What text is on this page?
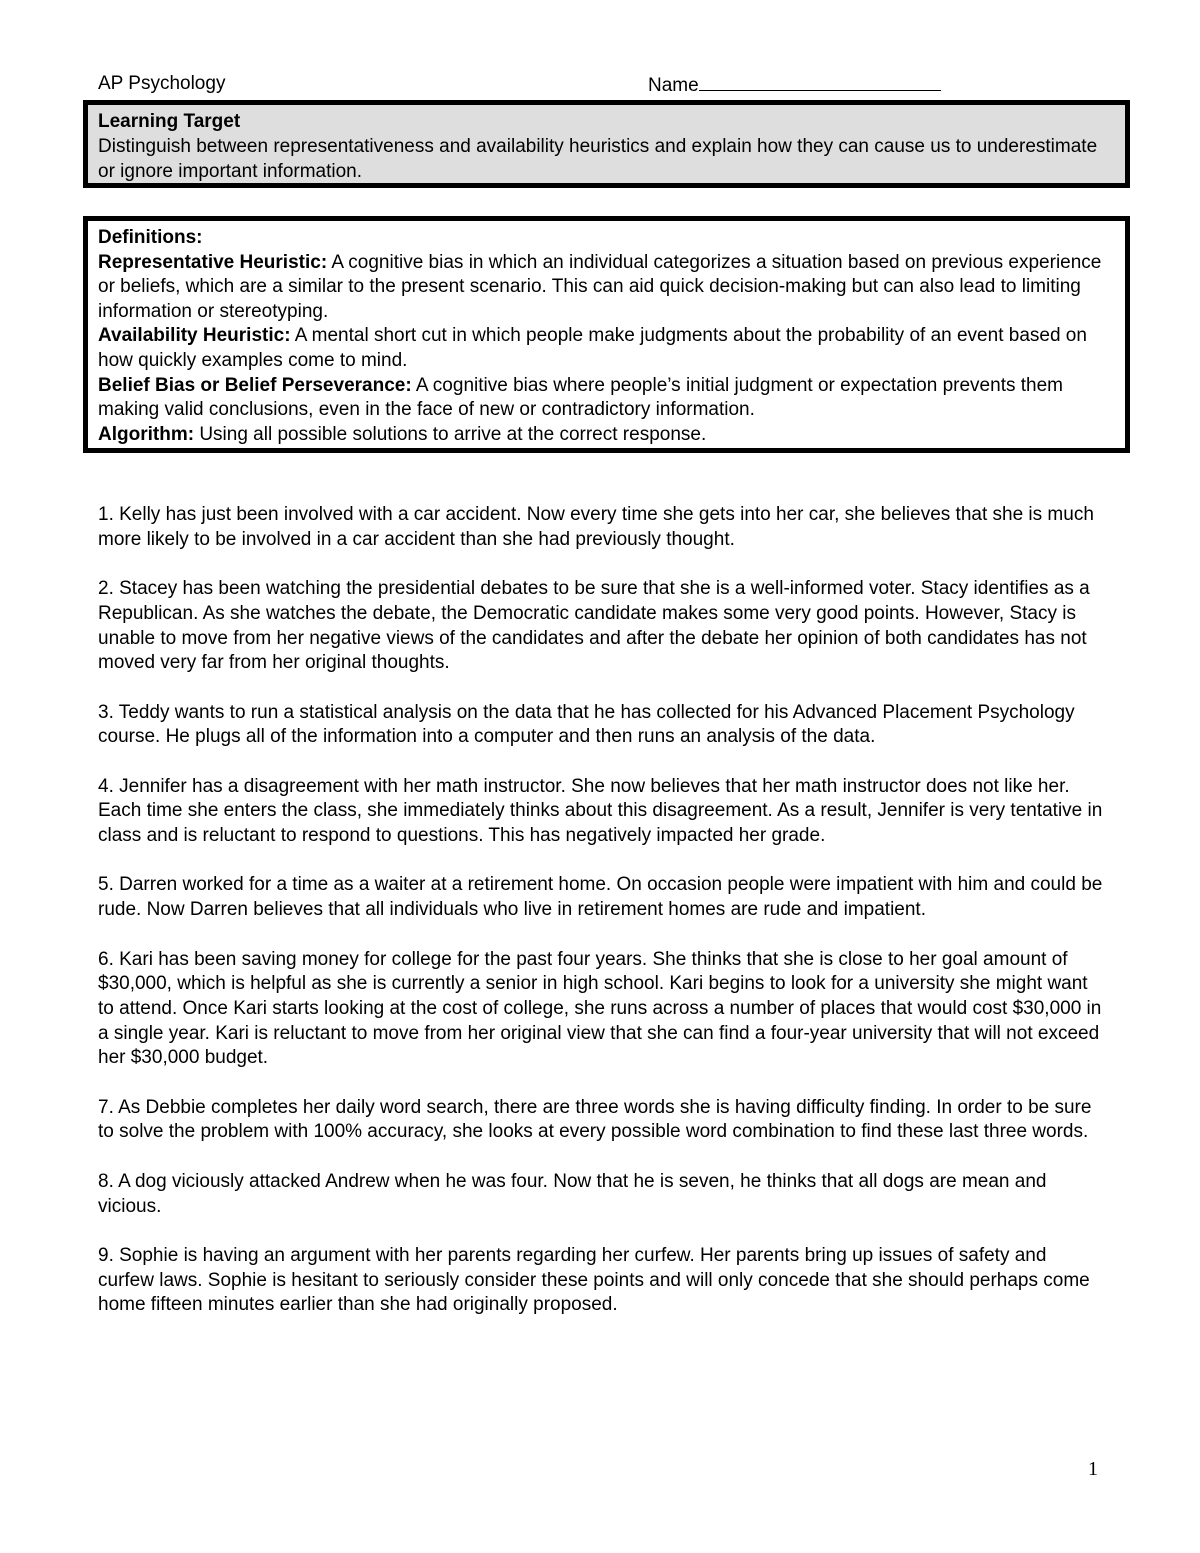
AP Psychology	Name
Learning Target
Distinguish between representativeness and availability heuristics and explain how they can cause us to underestimate or ignore important information.
Definitions:
Representative Heuristic: A cognitive bias in which an individual categorizes a situation based on previous experience or beliefs, which are a similar to the present scenario. This can aid quick decision-making but can also lead to limiting information or stereotyping.
Availability Heuristic: A mental short cut in which people make judgments about the probability of an event based on how quickly examples come to mind.
Belief Bias or Belief Perseverance: A cognitive bias where people’s initial judgment or expectation prevents them making valid conclusions, even in the face of new or contradictory information.
Algorithm: Using all possible solutions to arrive at the correct response.

1. Kelly has just been involved with a car accident. Now every time she gets into her car, she believes that she is much more likely to be involved in a car accident than she had previously thought.

2. Stacey has been watching the presidential debates to be sure that she is a well-informed voter. Stacy identifies as a Republican. As she watches the debate, the Democratic candidate makes some very good points. However, Stacy is unable to move from her negative views of the candidates and after the debate her opinion of both candidates has not moved very far from her original thoughts.

3. Teddy wants to run a statistical analysis on the data that he has collected for his Advanced Placement Psychology course. He plugs all of the information into a computer and then runs an analysis of the data.

4. Jennifer has a disagreement with her math instructor. She now believes that her math instructor does not like her. Each time she enters the class, she immediately thinks about this disagreement. As a result, Jennifer is very tentative in class and is reluctant to respond to questions. This has negatively impacted her grade.

5. Darren worked for a time as a waiter at a retirement home. On occasion people were impatient with him and could be rude. Now Darren believes that all individuals who live in retirement homes are rude and impatient.

6. Kari has been saving money for college for the past four years. She thinks that she is close to her goal amount of $30,000, which is helpful as she is currently a senior in high school. Kari begins to look for a university she might want to attend. Once Kari starts looking at the cost of college, she runs across a number of places that would cost $30,000 in a single year. Kari is reluctant to move from her original view that she can find a four-year university that will not exceed her $30,000 budget.

7. As Debbie completes her daily word search, there are three words she is having difficulty finding. In order to be sure to solve the problem with 100% accuracy, she looks at every possible word combination to find these last three words.

8. A dog viciously attacked Andrew when he was four. Now that he is seven, he thinks that all dogs are mean and vicious.

9. Sophie is having an argument with her parents regarding her curfew. Her parents bring up issues of safety and curfew laws. Sophie is hesitant to seriously consider these points and will only concede that she should perhaps come home fifteen minutes earlier than she had originally proposed.

1
